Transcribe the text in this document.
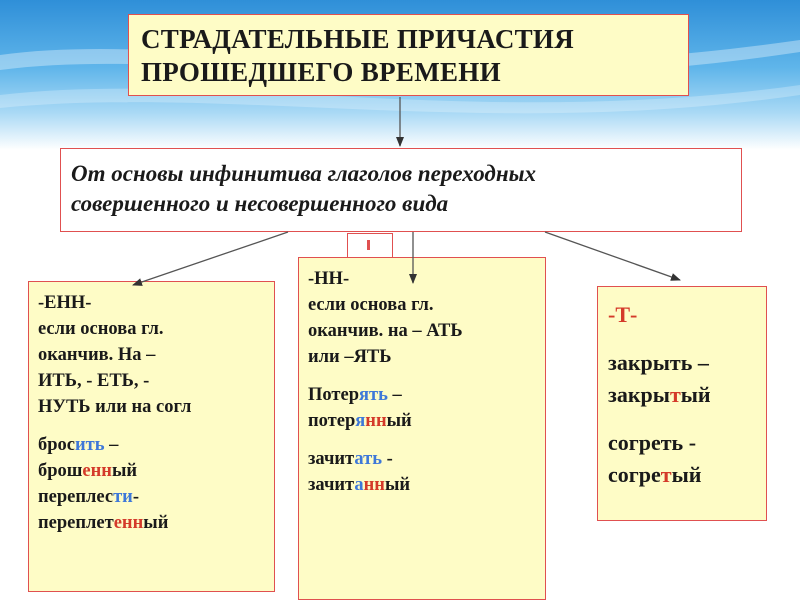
СТРАДАТЕЛЬНЫЕ ПРИЧАСТИЯ
ПРОШЕДШЕГО ВРЕМЕНИ
От основы инфинитива глаголов переходных
совершенного и несовершенного вида
-ЕНН-
если основа гл.
оканчив. На –
ИТЬ, - ЕТЬ, -
НУТЬ или на согл
бросить –
брошенный
переплести-
переплетенный
-НН-
если основа гл.
оканчив. на – АТЬ
или –ЯТЬ
Потерять –
потерянный
зачитать -
зачитанный
-Т-
закрыть –
закрытый
согреть -
согретый
